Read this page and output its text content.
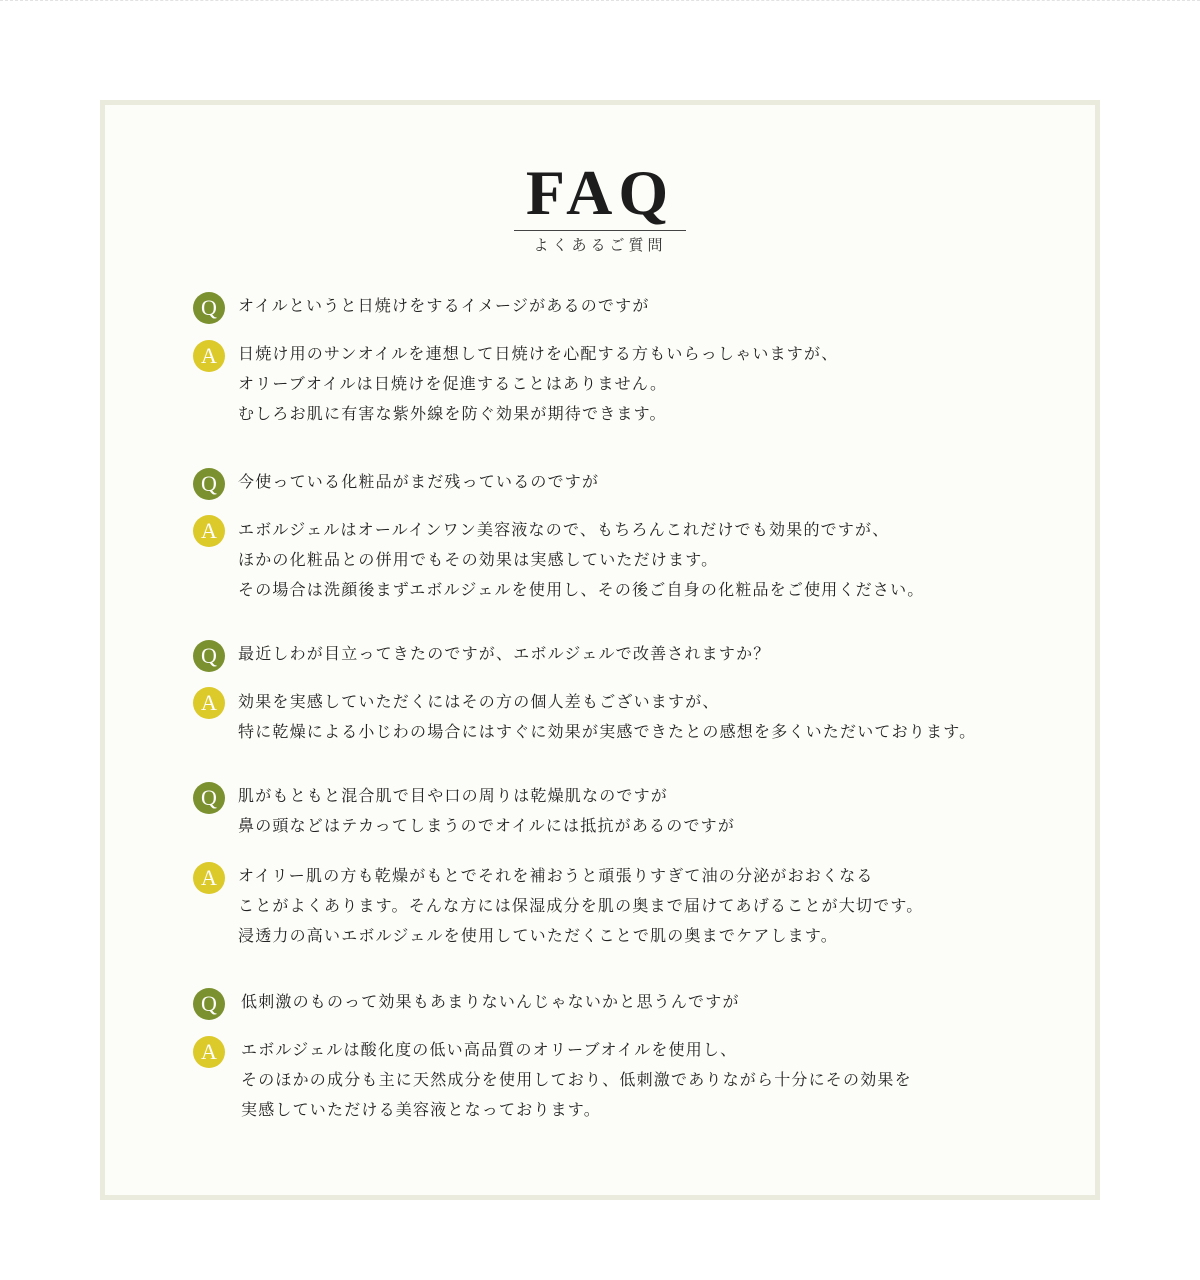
FAQ
よくあるご質問
Q	オイルというと日焼けをするイメージがあるのですが
A	日焼け用のサンオイルを連想して日焼けを心配する方もいらっしゃいますが、
オリーブオイルは日焼けを促進することはありません。
むしろお肌に有害な紫外線を防ぐ効果が期待できます。
Q	今使っている化粧品がまだ残っているのですが
A	エボルジェルはオールインワン美容液なので、もちろんこれだけでも効果的ですが、
ほかの化粧品との併用でもその効果は実感していただけます。
その場合は洗顔後まずエボルジェルを使用し、その後ご自身の化粧品をご使用ください。
Q	最近しわが目立ってきたのですが、エボルジェルで改善されますか？
A	効果を実感していただくにはその方の個人差もございますが、
特に乾燥による小じわの場合にはすぐに効果が実感できたとの感想を多くいただいております。
Q	肌がもともと混合肌で目や口の周りは乾燥肌なのですが
鼻の頭などはテカってしまうのでオイルには抵抗があるのですが
A	オイリー肌の方も乾燥がもとでそれを補おうと頑張りすぎて油の分泌がおおくなる
ことがよくあります。そんな方には保湿成分を肌の奥まで届けてあげることが大切です。
浸透力の高いエボルジェルを使用していただくことで肌の奥までケアします。
Q	低刺激のものって効果もあまりないんじゃないかと思うんですが
A	エボルジェルは酸化度の低い高品質のオリーブオイルを使用し、
そのほかの成分も主に天然成分を使用しており、低刺激でありながら十分にその効果を
実感していただける美容液となっております。
